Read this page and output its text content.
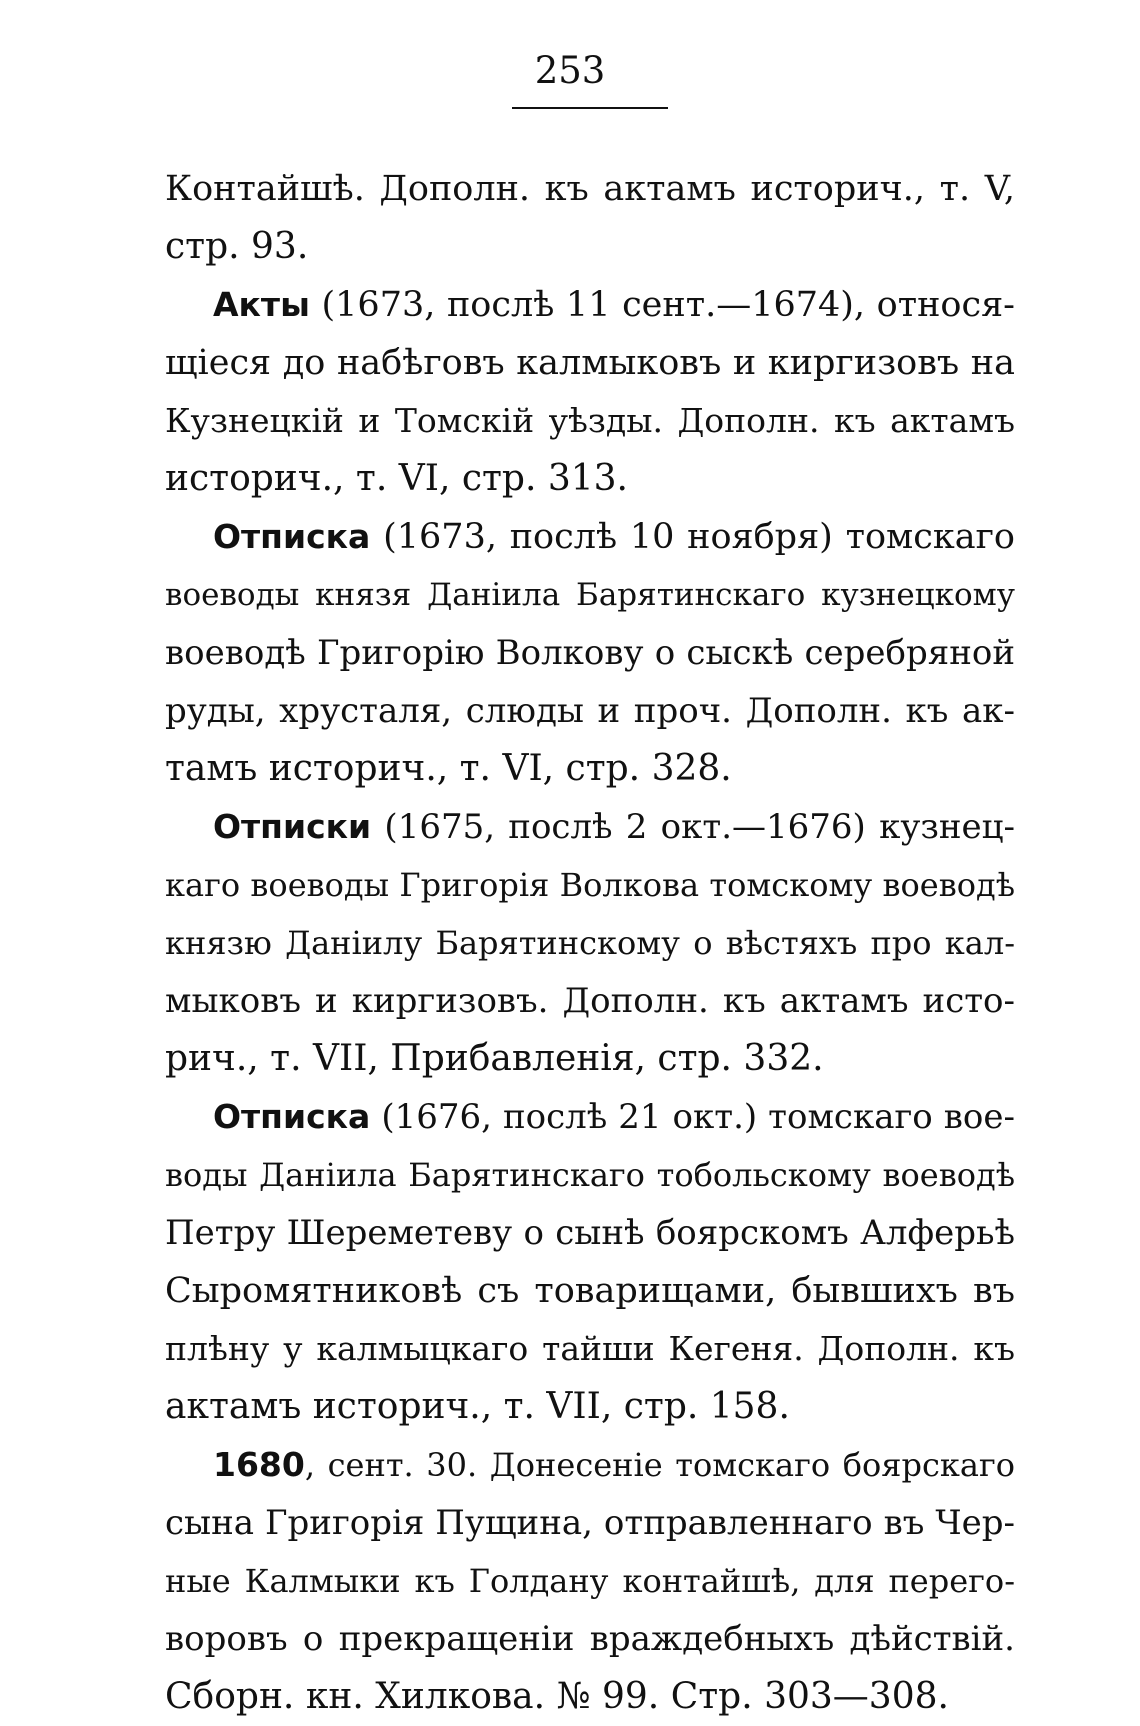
253
Контайшѣ. Дополн. къ актамъ историч., т. V,
стр. 93.
Акты (1673, послѣ 11 сент.—1674), относя-
щіеся до набѣговъ калмыковъ и киргизовъ на
Кузнецкій и Томскій уѣзды. Дополн. къ актамъ
историч., т. VI, стр. 313.
Отписка (1673, послѣ 10 ноября) томскаго
воеводы князя Даніила Барятинскаго кузнецкому
воеводѣ Григорію Волкову о сыскѣ серебряной
руды, хрусталя, слюды и проч. Дополн. къ ак-
тамъ историч., т. VI, стр. 328.
Отписки (1675, послѣ 2 окт.—1676) кузнец-
каго воеводы Григорія Волкова томскому воеводѣ
князю Даніилу Барятинскому о вѣстяхъ про кал-
мыковъ и киргизовъ. Дополн. къ актамъ исто-
рич., т. VII, Прибавленія, стр. 332.
Отписка (1676, послѣ 21 окт.) томскаго вое-
воды Даніила Барятинскаго тобольскому воеводѣ
Петру Шереметеву о сынѣ боярскомъ Алферьѣ
Сыромятниковѣ съ товарищами, бывшихъ въ
плѣну у калмыцкаго тайши Кегеня. Дополн. къ
актамъ историч., т. VII, стр. 158.
1680, сент. 30. Донесеніе томскаго боярскаго
сына Григорія Пущина, отправленнаго въ Чер-
ные Калмыки къ Голдану контайшѣ, для перего-
воровъ о прекращеніи враждебныхъ дѣйствій.
Сборн. кн. Хилкова. № 99. Стр. 303—308.
